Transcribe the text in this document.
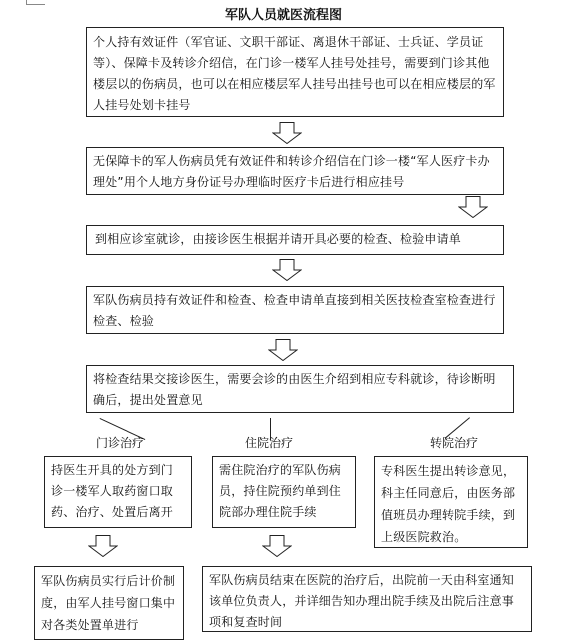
军队人员就医流程图
个人持有效证件（军官证、文职干部证、离退休干部证、士兵证、学员证等）、保障卡及转诊介绍信，在门诊一楼军人挂号处挂号，需要到门诊其他楼层以的伤病员，也可以在相应楼层军人挂号出挂号也可以在相应楼层的军人挂号处划卡挂号
无保障卡的军人伤病员凭有效证件和转诊介绍信在门诊一楼“军人医疗卡办理处”用个人地方身份证号办理临时医疗卡后进行相应挂号
到相应诊室就诊，由接诊医生根据并请开具必要的检查、检验申请单
军队伤病员持有效证件和检查、检查申请单直接到相关医技检查室检查进行检查、检验
将检查结果交接诊医生，需要会诊的由医生介绍到相应专科就诊，待诊断明确后，提出处置意见
门诊治疗	住院治疗	转院治疗
持医生开具的处方到门诊一楼军人取药窗口取药、治疗、处置后离开
需住院治疗的军队伤病员，持住院预约单到住院部办理住院手续
专科医生提出转诊意见，科主任同意后，由医务部值班员办理转院手续，到上级医院救治。
军队伤病员实行后计价制度，由军人挂号窗口集中对各类处置单进行
军队伤病员结束在医院的治疗后，出院前一天由科室通知该单位负责人，并详细告知办理出院手续及出院后注意事项和复查时间
